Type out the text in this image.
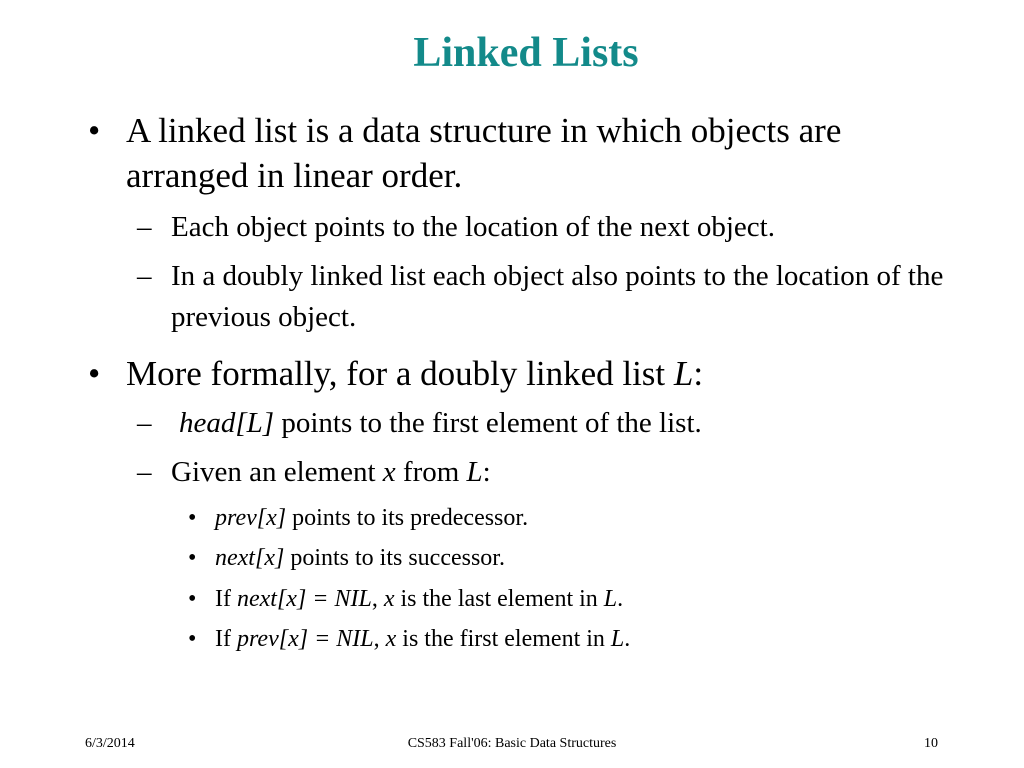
Linked Lists
• A linked list is a data structure in which objects are arranged in linear order.
– Each object points to the location of the next object.
– In a doubly linked list each object also points to the location of the previous object.
• More formally, for a doubly linked list L:
– head[L] points to the first element of the list.
– Given an element x from L:
• prev[x] points to its predecessor.
• next[x] points to its successor.
• If next[x] = NIL, x is the last element in L.
• If prev[x] = NIL, x is the first element in L.
6/3/2014	CS583 Fall'06: Basic Data Structures	10
